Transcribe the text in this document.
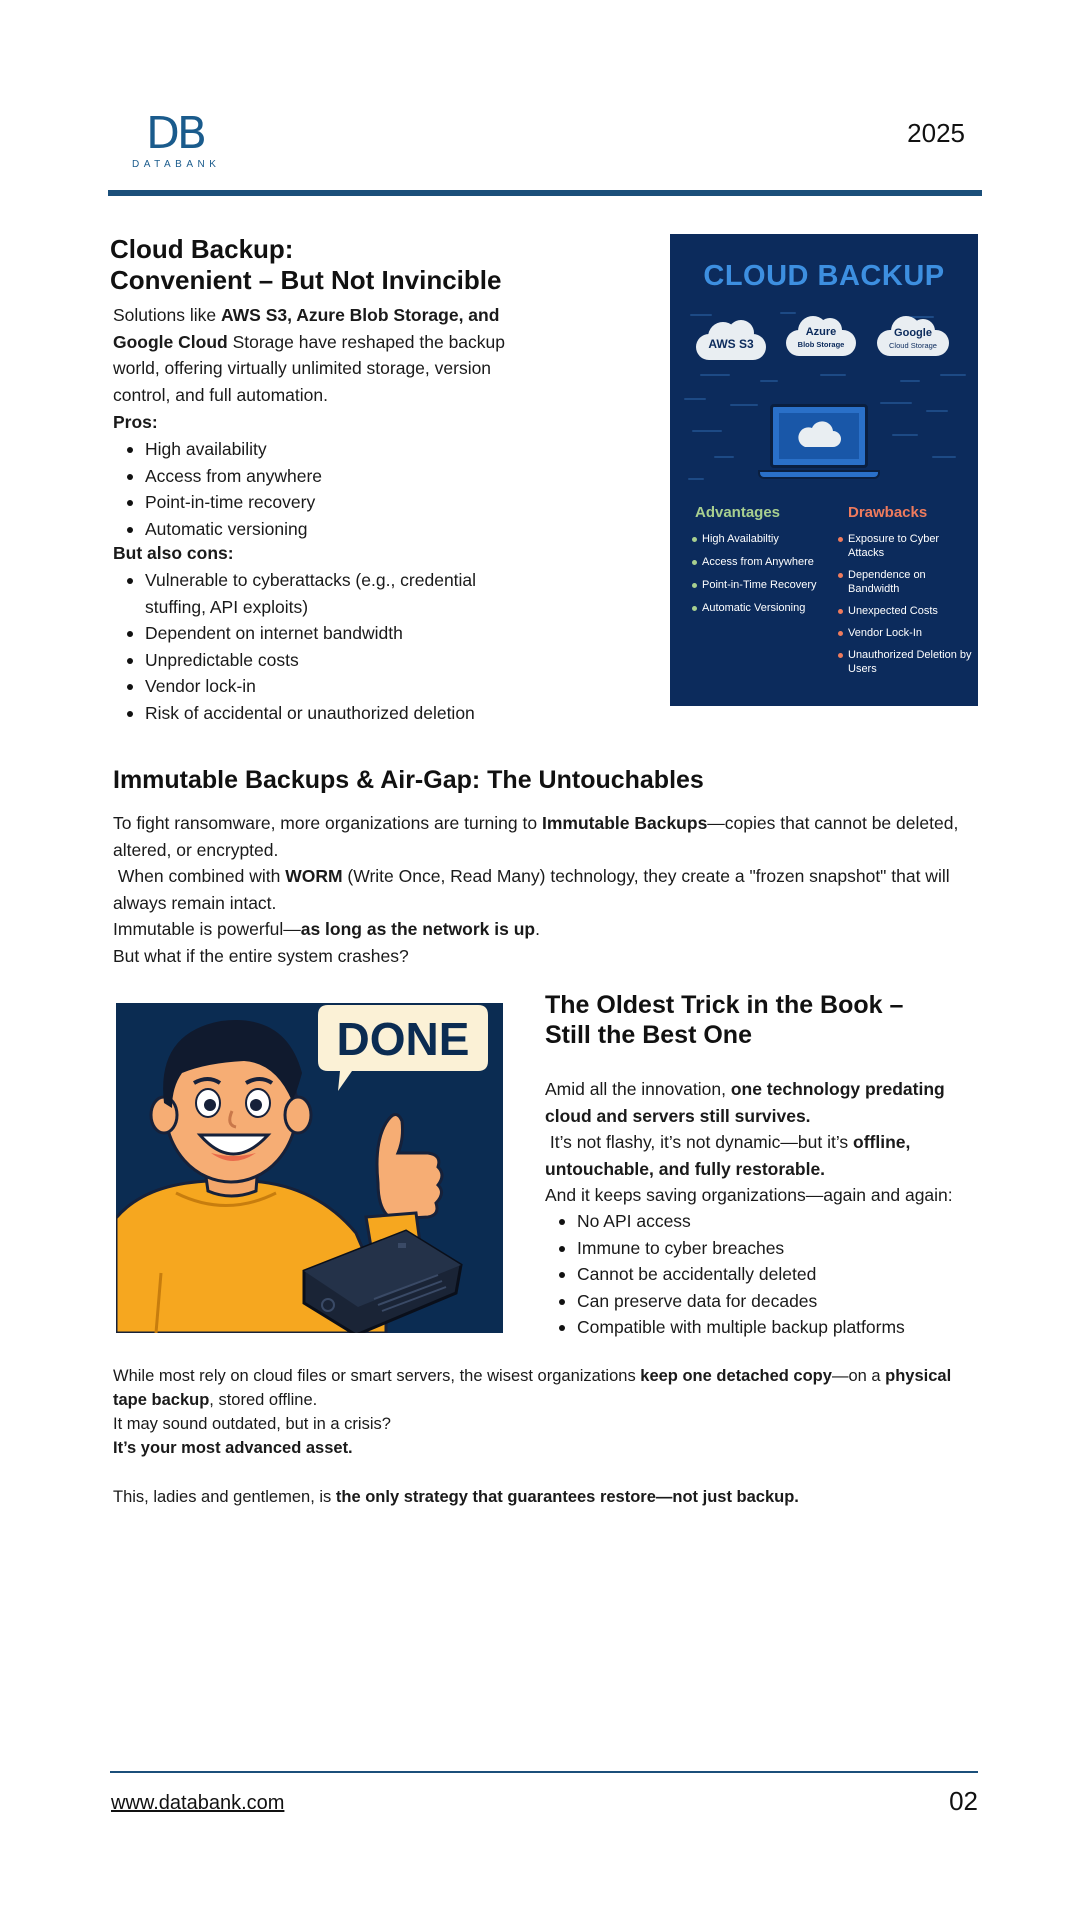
DB
DATABANK
2025
Cloud Backup:
Convenient – But Not Invincible
Solutions like AWS S3, Azure Blob Storage, and Google Cloud Storage have reshaped the backup world, offering virtually unlimited storage, version control, and full automation.
Pros:
High availability
Access from anywhere
Point-in-time recovery
Automatic versioning
But also cons:
Vulnerable to cyberattacks (e.g., credential stuffing, API exploits)
Dependent on internet bandwidth
Unpredictable costs
Vendor lock-in
Risk of accidental or unauthorized deletion
CLOUD BACKUP
AWS S3
Azure
Blob Storage
Google
Cloud Storage
Advantages	Drawbacks
High Availabiltiy
Access from Anywhere
Point-in-Time Recovery
Automatic Versioning
Exposure to Cyber Attacks
Dependence on Bandwidth
Unexpected Costs
Vendor Lock-In
Unauthorized Deletion by Users
Immutable Backups & Air-Gap: The Untouchables
To fight ransomware, more organizations are turning to Immutable Backups—copies that cannot be deleted, altered, or encrypted.
When combined with WORM (Write Once, Read Many) technology, they create a "frozen snapshot" that will always remain intact.
Immutable is powerful—as long as the network is up.
But what if the entire system crashes?
DONE
The Oldest Trick in the Book –
Still the Best One
Amid all the innovation, one technology predating cloud and servers still survives.
It’s not flashy, it’s not dynamic—but it’s offline, untouchable, and fully restorable.
And it keeps saving organizations—again and again:
No API access
Immune to cyber breaches
Cannot be accidentally deleted
Can preserve data for decades
Compatible with multiple backup platforms
While most rely on cloud files or smart servers, the wisest organizations keep one detached copy—on a physical tape backup, stored offline.
It may sound outdated, but in a crisis?
It’s your most advanced asset.
This, ladies and gentlemen, is the only strategy that guarantees restore—not just backup.
www.databank.com	02
